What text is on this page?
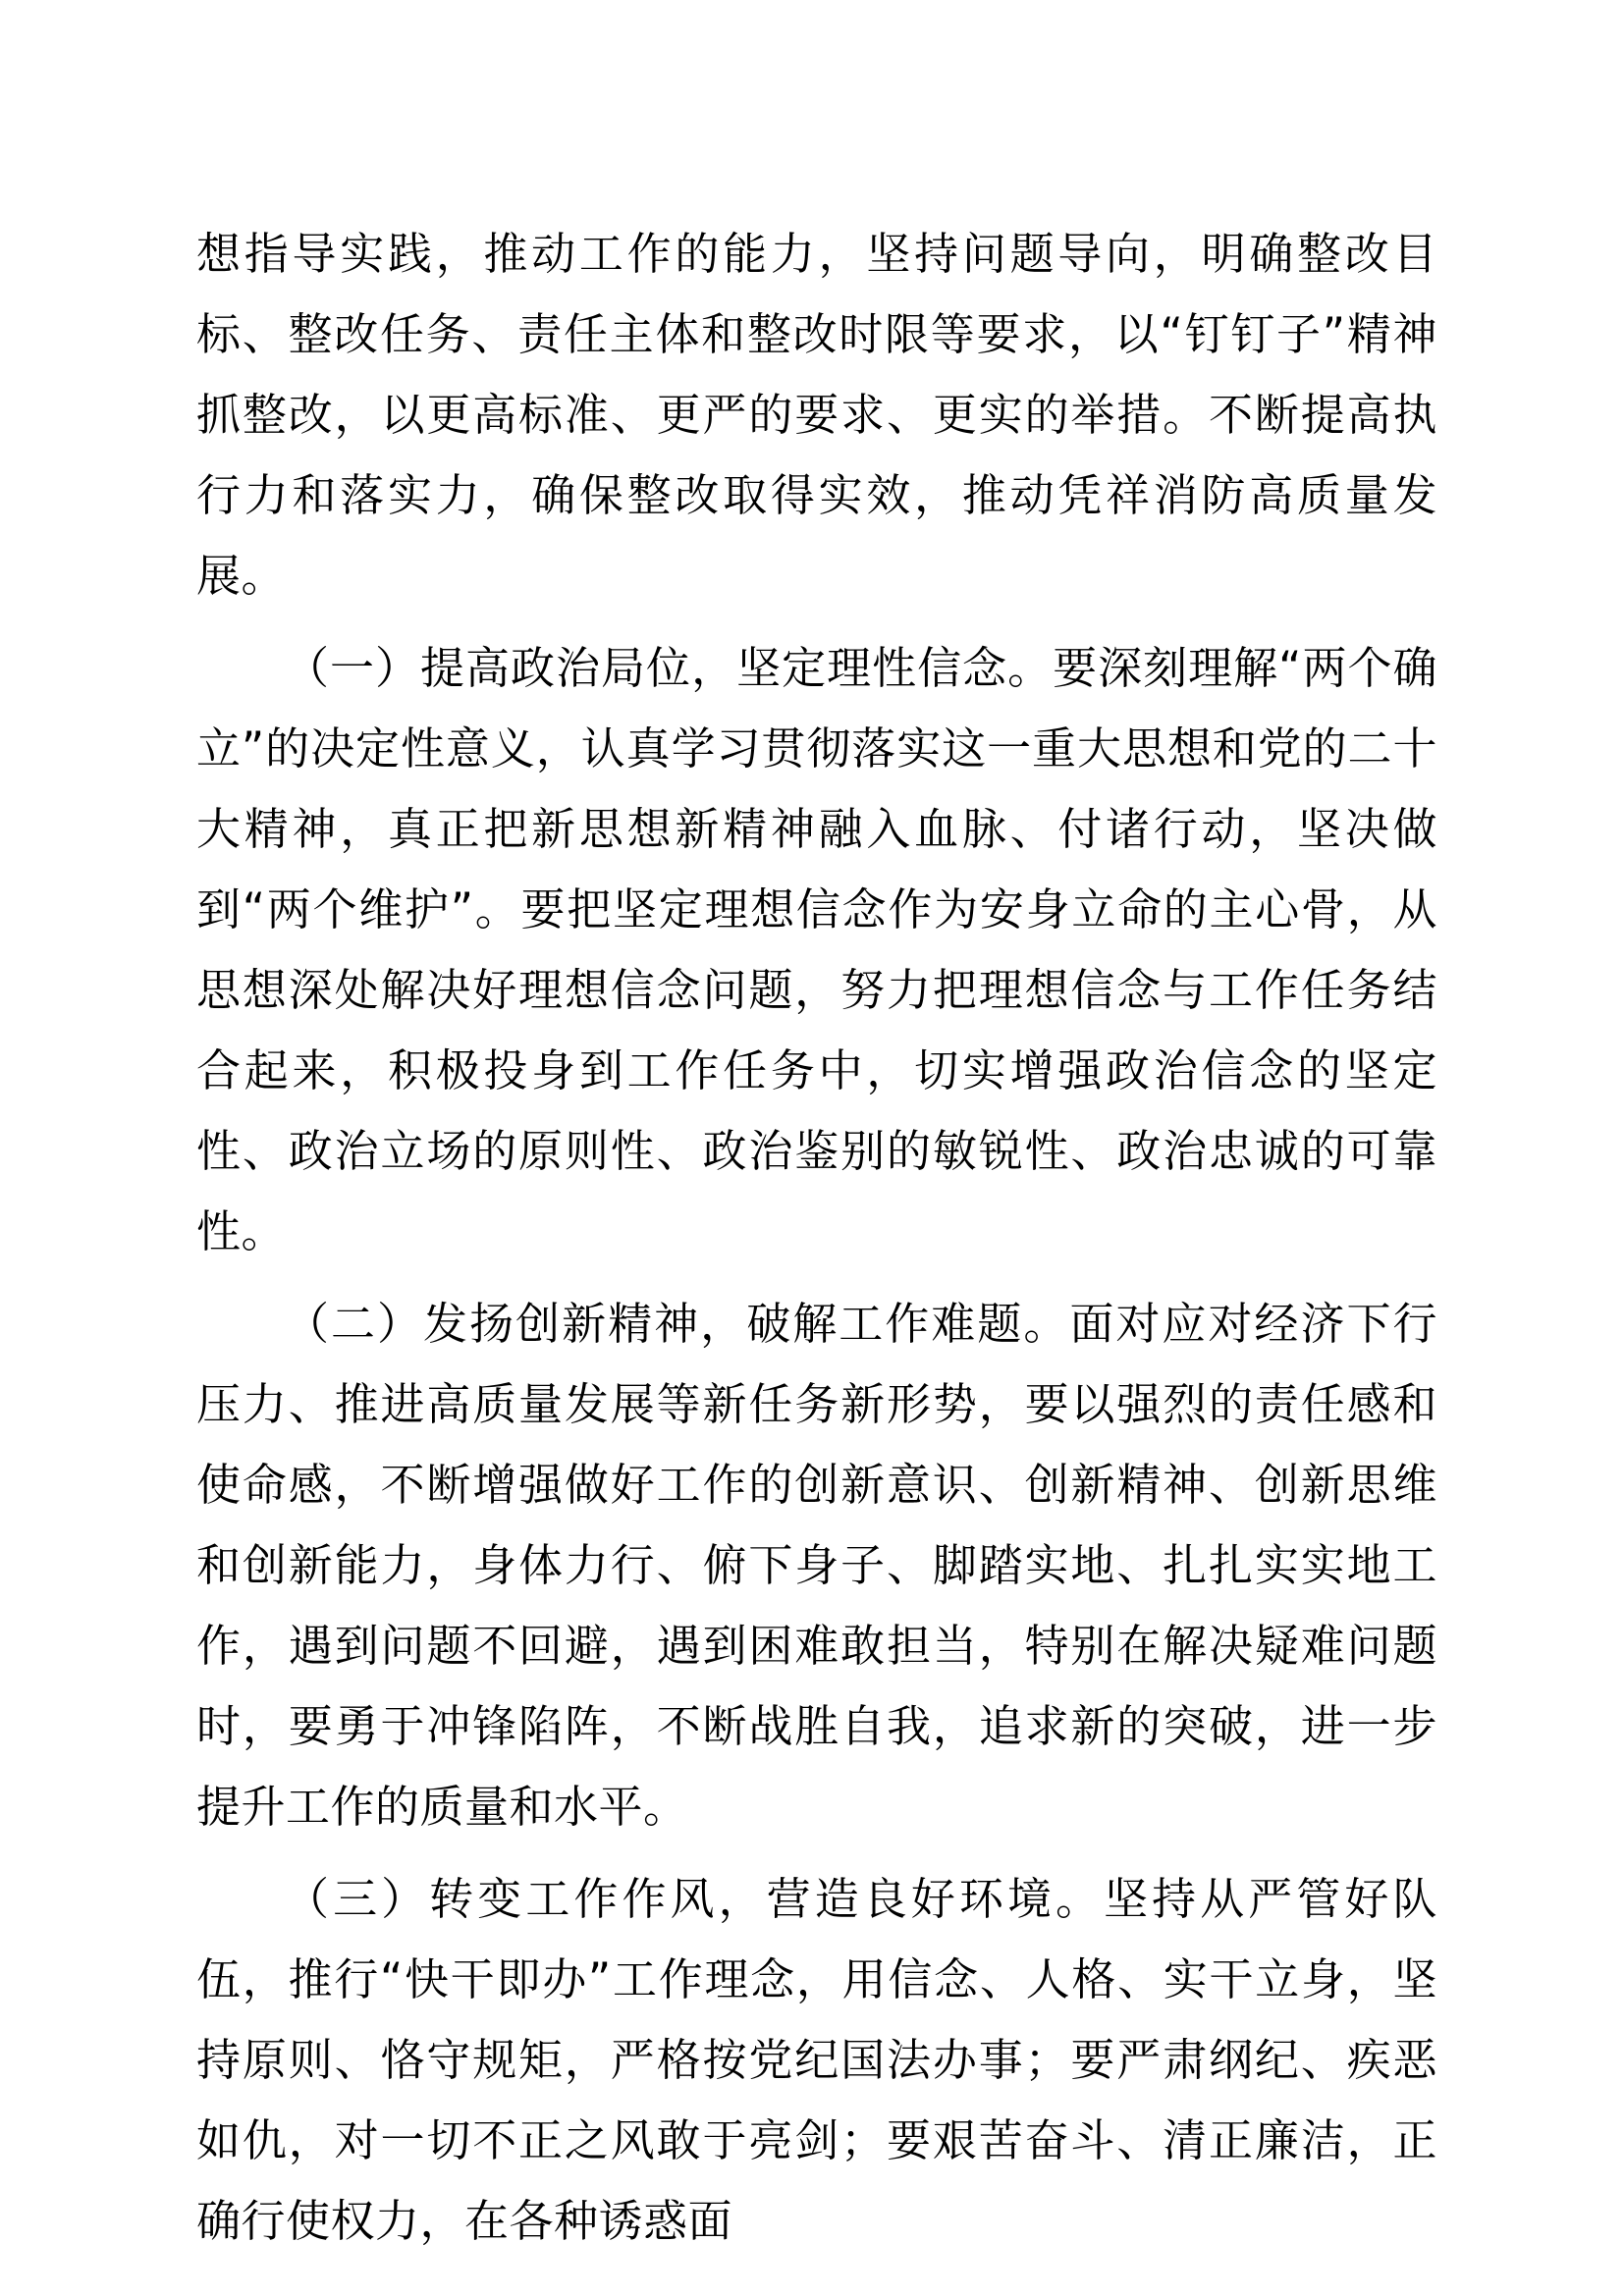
想指导实践，推动工作的能力，坚持问题导向，明确整改目标、整改任务、责任主体和整改时限等要求，以“钉钉子”精神抓整改，以更高标准、更严的要求、更实的举措。不断提高执行力和落实力，确保整改取得实效，推动凭祥消防高质量发展。

（一）提高政治局位，坚定理性信念。要深刻理解“两个确立”的决定性意义，认真学习贯彻落实这一重大思想和党的二十大精神，真正把新思想新精神融入血脉、付诸行动，坚决做到“两个维护”。要把坚定理想信念作为安身立命的主心骨，从思想深处解决好理想信念问题，努力把理想信念与工作任务结合起来，积极投身到工作任务中，切实增强政治信念的坚定性、政治立场的原则性、政治鉴别的敏锐性、政治忠诚的可靠性。

（二）发扬创新精神，破解工作难题。面对应对经济下行压力、推进高质量发展等新任务新形势，要以强烈的责任感和使命感，不断增强做好工作的创新意识、创新精神、创新思维和创新能力，身体力行、俯下身子、脚踏实地、扎扎实实地工作，遇到问题不回避，遇到困难敢担当，特别在解决疑难问题时，要勇于冲锋陷阵，不断战胜自我，追求新的突破，进一步提升工作的质量和水平。

（三）转变工作作风，营造良好环境。坚持从严管好队伍，推行“快干即办”工作理念，用信念、人格、实干立身，坚持原则、恪守规矩，严格按党纪国法办事；要严肃纲纪、疾恶如仇，对一切不正之风敢于亮剑；要艰苦奋斗、清正廉洁，正确行使权力，在各种诱惑面
